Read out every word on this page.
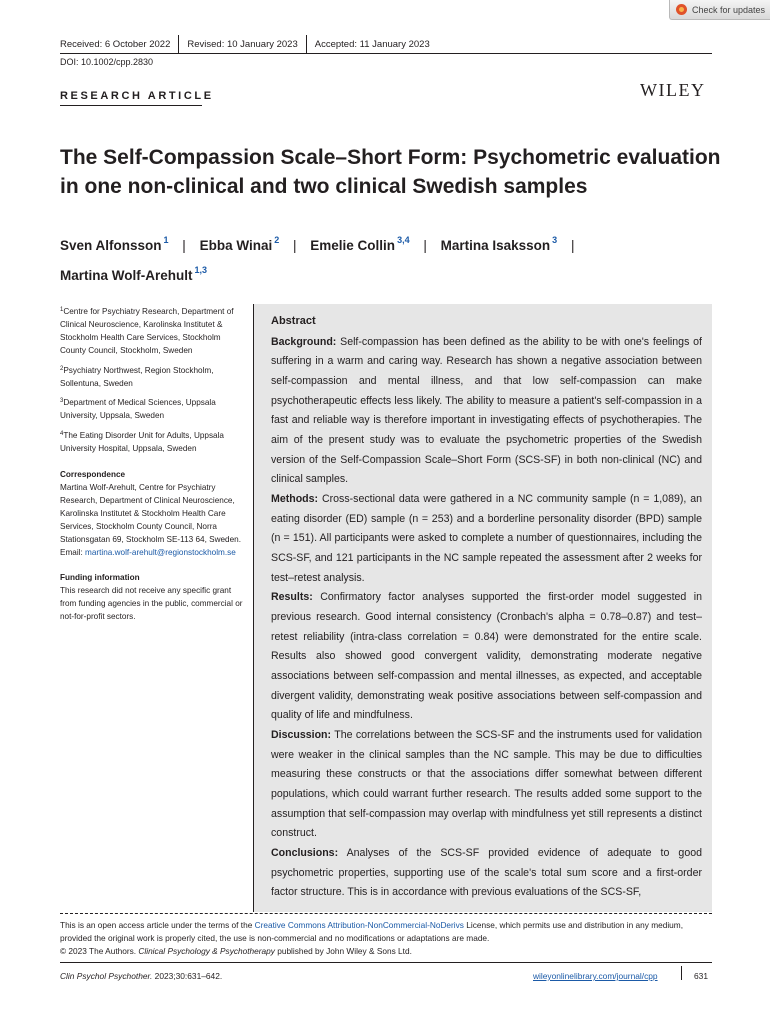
Check for updates
Received: 6 October 2022	Revised: 10 January 2023	Accepted: 11 January 2023
DOI: 10.1002/cpp.2830
RESEARCH ARTICLE	WILEY
The Self-Compassion Scale–Short Form: Psychometric evaluation in one non-clinical and two clinical Swedish samples
Sven Alfonsson $^1$ | Ebba Winai $^2$ | Emelie Collin $^{3,4}$ | Martina Isaksson $^3$ |
Martina Wolf-Arehult $^{1,3}$
$^1$Centre for Psychiatry Research, Department of Clinical Neuroscience, Karolinska Institutet & Stockholm Health Care Services, Stockholm County Council, Stockholm, Sweden
$^2$Psychiatry Northwest, Region Stockholm, Sollentuna, Sweden
$^3$Department of Medical Sciences, Uppsala University, Uppsala, Sweden
$^4$The Eating Disorder Unit for Adults, Uppsala University Hospital, Uppsala, Sweden
Correspondence
Martina Wolf-Arehult, Centre for Psychiatry Research, Department of Clinical Neuroscience, Karolinska Institutet & Stockholm Health Care Services, Stockholm County Council, Norra Stationsgatan 69, Stockholm SE-113 64, Sweden.
Email: martina.wolf-arehult@regionstockholm.se
Funding information
This research did not receive any specific grant from funding agencies in the public, commercial or not-for-profit sectors.
Abstract

Background: Self-compassion has been defined as the ability to be with one's feelings of suffering in a warm and caring way. Research has shown a negative association between self-compassion and mental illness, and that low self-compassion can make psychotherapeutic effects less likely. The ability to measure a patient's self-compassion in a fast and reliable way is therefore important in investigating effects of psychotherapies. The aim of the present study was to evaluate the psychometric properties of the Swedish version of the Self-Compassion Scale–Short Form (SCS-SF) in both non-clinical (NC) and clinical samples.

Methods: Cross-sectional data were gathered in a NC community sample (n = 1,089), an eating disorder (ED) sample (n = 253) and a borderline personality disorder (BPD) sample (n = 151). All participants were asked to complete a number of questionnaires, including the SCS-SF, and 121 participants in the NC sample repeated the assessment after 2 weeks for test–retest analysis.

Results: Confirmatory factor analyses supported the first-order model suggested in previous research. Good internal consistency (Cronbach's alpha = 0.78–0.87) and test–retest reliability (intra-class correlation = 0.84) were demonstrated for the entire scale. Results also showed good convergent validity, demonstrating moderate negative associations between self-compassion and mental illnesses, as expected, and acceptable divergent validity, demonstrating weak positive associations between self-compassion and quality of life and mindfulness.

Discussion: The correlations between the SCS-SF and the instruments used for validation were weaker in the clinical samples than the NC sample. This may be due to difficulties measuring these constructs or that the associations differ somewhat between different populations, which could warrant further research. The results added some support to the assumption that self-compassion may overlap with mindfulness yet still represents a distinct construct.

Conclusions: Analyses of the SCS-SF provided evidence of adequate to good psychometric properties, supporting use of the scale's total sum score and a first-order factor structure. This is in accordance with previous evaluations of the SCS-SF,

This is an open access article under the terms of the Creative Commons Attribution-NonCommercial-NoDerivs License, which permits use and distribution in any medium, provided the original work is properly cited, the use is non-commercial and no modifications or adaptations are made.
© 2023 The Authors. Clinical Psychology & Psychotherapy published by John Wiley & Sons Ltd.
Clin Psychol Psychother. 2023;30:631–642.	wileyonlinelibrary.com/journal/cpp	631
